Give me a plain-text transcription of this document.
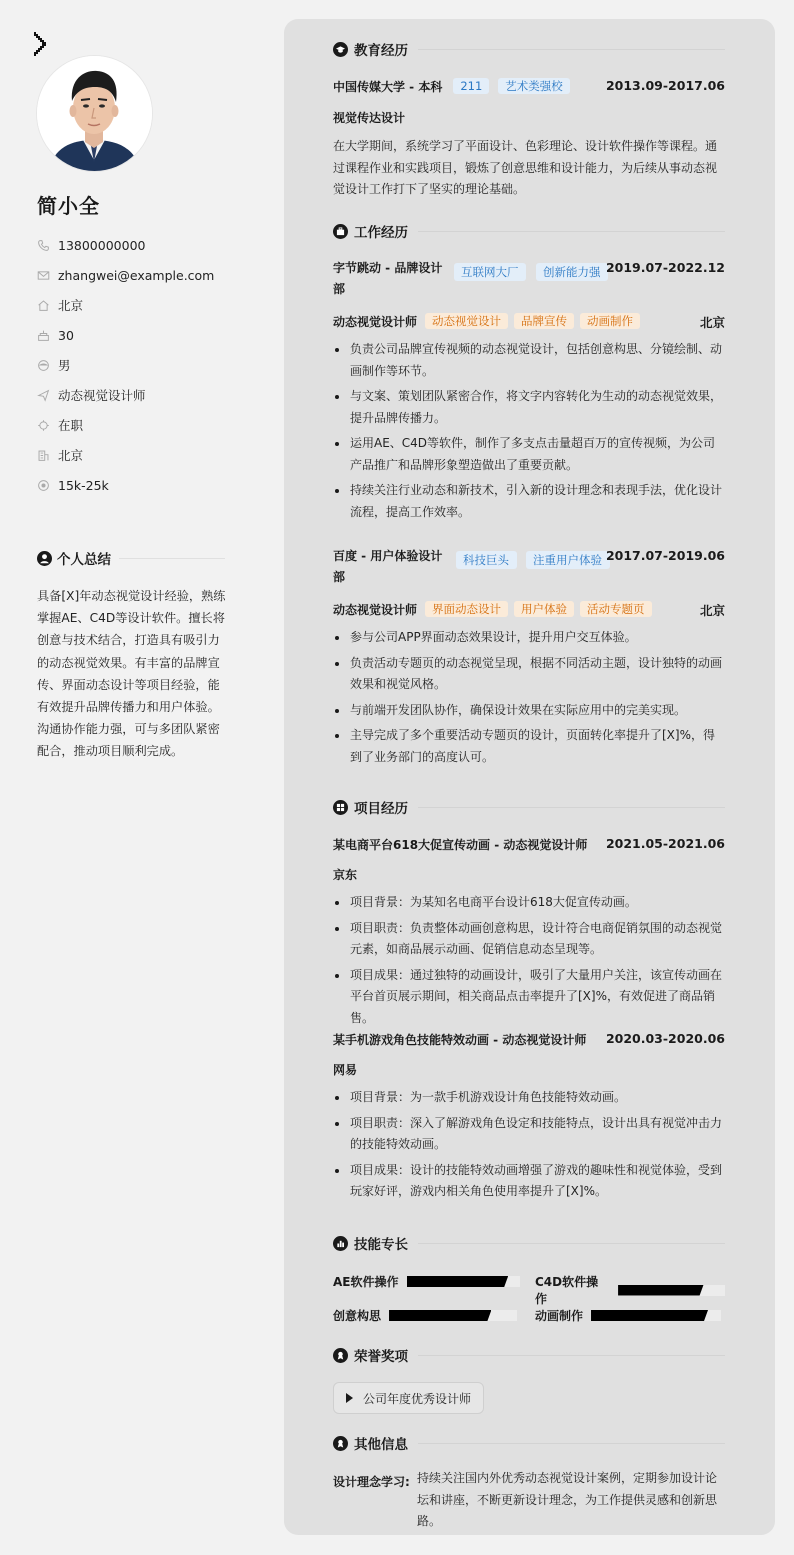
简小全
13800000000
zhangwei@example.com
北京
30
男
动态视觉设计师
在职
北京
15k-25k
个人总结
具备[X]年动态视觉设计经验，熟练掌握AE、C4D等设计软件。擅长将创意与技术结合，打造具有吸引力的动态视觉效果。有丰富的品牌宣传、界面动态设计等项目经验，能有效提升品牌传播力和用户体验。沟通协作能力强，可与多团队紧密配合，推动项目顺利完成。
教育经历
中国传媒大学 - 本科	211	艺术类强校	2013.09-2017.06
视觉传达设计
在大学期间，系统学习了平面设计、色彩理论、设计软件操作等课程。通过课程作业和实践项目，锻炼了创意思维和设计能力，为后续从事动态视觉设计工作打下了坚实的理论基础。
工作经历
字节跳动 - 品牌设计部
互联网大厂	创新能力强 2019.07-2022.12
动态视觉设计师	动态视觉设计	品牌宣传	动画制作	北京
负责公司品牌宣传视频的动态视觉设计，包括创意构思、分镜绘制、动画制作等环节。
与文案、策划团队紧密合作，将文字内容转化为生动的动态视觉效果，提升品牌传播力。
运用AE、C4D等软件，制作了多支点击量超百万的宣传视频，为公司产品推广和品牌形象塑造做出了重要贡献。
持续关注行业动态和新技术，引入新的设计理念和表现手法，优化设计流程，提高工作效率。
百度 - 用户体验设计部
科技巨头	注重用户体验 2017.07-2019.06
动态视觉设计师	界面动态设计	用户体验	活动专题页	北京
参与公司APP界面动态效果设计，提升用户交互体验。
负责活动专题页的动态视觉呈现，根据不同活动主题，设计独特的动画效果和视觉风格。
与前端开发团队协作，确保设计效果在实际应用中的完美实现。
主导完成了多个重要活动专题页的设计，页面转化率提升了[X]%，得到了业务部门的高度认可。
项目经历
某电商平台618大促宣传动画 - 动态视觉设计师 2021.05-2021.06
京东
项目背景：为某知名电商平台设计618大促宣传动画。
项目职责：负责整体动画创意构思，设计符合电商促销氛围的动态视觉元素，如商品展示动画、促销信息动态呈现等。
项目成果：通过独特的动画设计，吸引了大量用户关注，该宣传动画在平台首页展示期间，相关商品点击率提升了[X]%，有效促进了商品销售。
某手机游戏角色技能特效动画 - 动态视觉设计师 2020.03-2020.06
网易
项目背景：为一款手机游戏设计角色技能特效动画。
项目职责：深入了解游戏角色设定和技能特点，设计出具有视觉冲击力的技能特效动画。
项目成果：设计的技能特效动画增强了游戏的趣味性和视觉体验，受到玩家好评，游戏内相关角色使用率提升了[X]%。
技能专长
AE软件操作	C4D软件操作
创意构思	动画制作
荣誉奖项
公司年度优秀设计师
其他信息
设计理念学习: 持续关注国内外优秀动态视觉设计案例，定期参加设计论坛和讲座，不断更新设计理念，为工作提供灵感和创新思路。
